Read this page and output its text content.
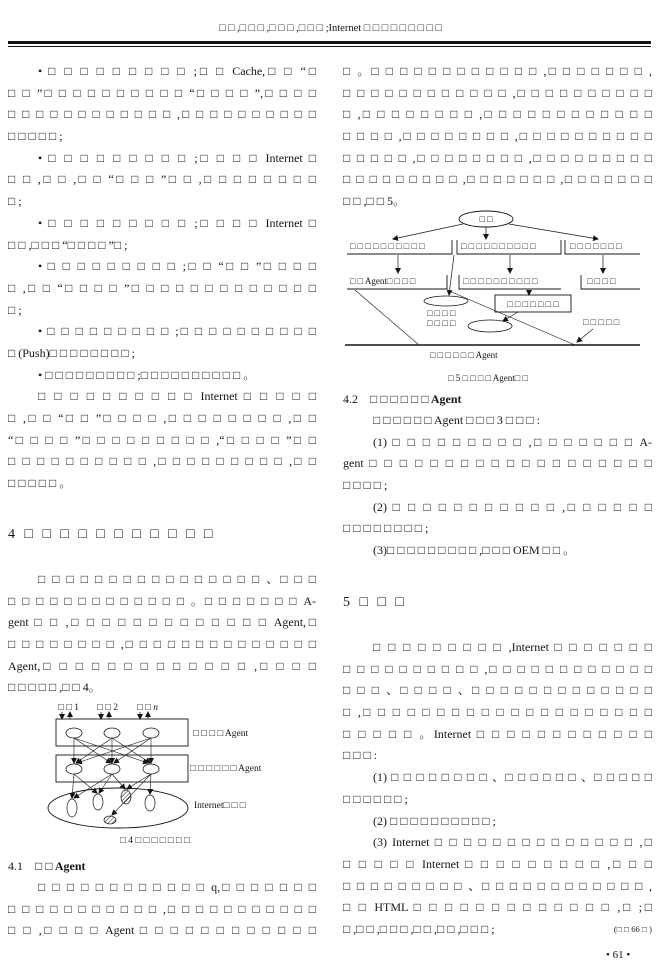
□ □ ,□ □ □ ,□ □ □ ,□ □ □ ;Internet □ □ □ □ □ □ □ □ □
• □ □ □ □ □ □ □ □ □ ;□ □ Cache,□ □ “□
□ □ ”□ □ □ □ □ □ □ □ □ □ “□ □ □ □ ”,□ □ □ □
□ □ □ □ □ □ □ □ □ □ □ □ ,□ □ □ □ □ □ □ □ □ □
□ □ □ □ □ ;
• □ □ □ □ □ □ □ □ □ ;□ □ □ □ Internet □
□ □ ,□ □ ,□ □ “□ □ □ ”□ □ ,□ □ □ □ □ □ □ □
□ ;
• □ □ □ □ □ □ □ □ □ ;□ □ □ □ Internet □
□ □ ,□ □ □ “□ □ □ □ ”□ ;
• □ □ □ □ □ □ □ □ □ ;□ □ “□ □ ”□ □ □ □
□ ,□ □ “□ □ □ □ ”□ □ □ □ □ □ □ □ □ □ □ □ □
□ ;
• □ □ □ □ □ □ □ □ □ ;□ □ □ □ □ □ □ □ □ □
□ (Push)□ □ □ □ □ □ □ □ ;
• □ □ □ □ □ □ □ □ □ ;□ □ □ □ □ □ □ □ □ □ 。
□ □ □ □ □ □ □ □ □ □ Internet □ □ □ □ □
□ ,□ □ “□ □ ”□ □ □ □ ,□ □ □ □ □ □ □ □ ,□ □
“□ □ □ □ ”□ □ □ □ □ □ □ □ □ ,“□ □ □ □ ”□ □
□ □ □ □ □ □ □ □ □ □ ,□ □ □ □ □ □ □ □ □ ,□ □
□ □ □ □ □ 。
4 □ □ □ □ □ □ □ □ □ □ □
□ □ □ □ □ □ □ □ □ □ □ □ □ □ □ □ 、□ □ □
□ □ □ □ □ □ □ □ □ □ □ □ □ 。□ □ □ □ □ □ □ A-
gent □ □ ,□ □ □ □ □ □ □ □ □ □ □ □ □ Agent,□
□ □ □ □ □ □ □ □ ,□ □ □ □ □ □ □ □ □ □ □ □ □ □
Agent,□ □ □ □ □ □ □ □ □ □ □ □ □ ,□ □ □ □
□ □ □ □ □ ,□ □ 4。
□ □ 1 □ □ 2 □ □ n
□ □ □ □ Agent
□ □ □ □ □ □ Agent
Internet□ □ □
□ 4 □ □ □ □ □ □ □
4.1 □ □ Agent
□ □ □ □ □ □ □ □ □ □ □ □ q,□ □ □ □ □ □ □
□ □ □ □ □ □ □ □ □ □ □ ,□ □ □ □ □ □ □ □ □ □ □
□ □ ,□ □ □ □ Agent □ □ □ □ □ □ □ □ □ □ □ □
□ 。□ □ □ □ □ □ □ □ □ □ □ □ ,□ □ □ □ □ □ □ ,
□ □ □ □ □ □ □ □ □ □ □ □ ,□ □ □ □ □ □ □ □ □ □
□ ,□ □ □ □ □ □ □ □ ,□ □ □ □ □ □ □ □ □ □ □ □
□ □ □ □ ,□ □ □ □ □ □ □ □ ,□ □ □ □ □ □ □ □ □ □
□ □ □ □ □ ,□ □ □ □ □ □ □ □ ,□ □ □ □ □ □ □ □ □
□ □ □ □ □ □ □ □ □ ,□ □ □ □ □ □ □ ,□ □ □ □ □ □ □
□ □ ,□ □ 5。
□ □
□ □ □ □ □ □ □ □ □ □	□ □ □ □ □ □ □ □ □ □	□ □ □ □ □ □ □
□ □ Agent□ □ □ □	□ □ □ □ □ □ □ □ □ □	□ □ □ □
□ □ □ □ □ □ □
□ □ □ □
□ □ □ □	□ □ □ □ □
□ □ □ □ □ □ Agent
□ 5 □ □ □ □ Agent□ □
4.2 □ □ □ □ □ □ Agent
□ □ □ □ □ □ Agent □ □ □ 3 □ □ □ :
(1) □ □ □ □ □ □ □ □ □ ,□ □ □ □ □ □ □ A-
gent □ □ □ □ □ □ □ □ □ □ □ □ □ □ □ □ □ □ □
□ □ □ □ ;
(2) □ □ □ □ □ □ □ □ □ □ □ ,□ □ □ □ □ □
□ □ □ □ □ □ □ □ ;
(3)□ □ □ □ □ □ □ □ □ ,□ □ □ OEM □ □ 。
5 □ □ □
□ □ □ □ □ □ □ □ □ ,Internet □ □ □ □ □ □ □
□ □ □ □ □ □ □ □ □ □ ,□ □ □ □ □ □ □ □ □ □ □ □
□ □ □ 、□ □ □ □ 、□ □ □ □ □ □ □ □ □ □ □ □ □
□ ,□ □ □ □ □ □ □ □ □ □ □ □ □ □ □ □ □ □ □ □
□ □ □ □ □ 。Internet □ □ □ □ □ □ □ □ □ □ □ □
□ □ □ :
(1) □ □ □ □ □ □ □ □ 、□ □ □ □ □ □ 、□ □ □ □ □
□ □ □ □ □ □ ;
(2) □ □ □ □ □ □ □ □ □ □ ;
(3) Internet □ □ □ □ □ □ □ □ □ □ □ □ □ □ ,□
□ □ □ □ □ Internet □ □ □ □ □ □ □ □ □ ,□ □ □
□ □ □ □ □ □ □ □ □ 、□ □ □ □ □ □ □ □ □ □ □ □ ,
□ □ HTML □ □ □ □ □ □ □ □ □ □ □ □ □ ,□ ;□
□ ,□ □ ,□ □ □ ,□ □ ,□ □ ,□ □ □ ;	(□ □ 66 □ )
• 61 •
